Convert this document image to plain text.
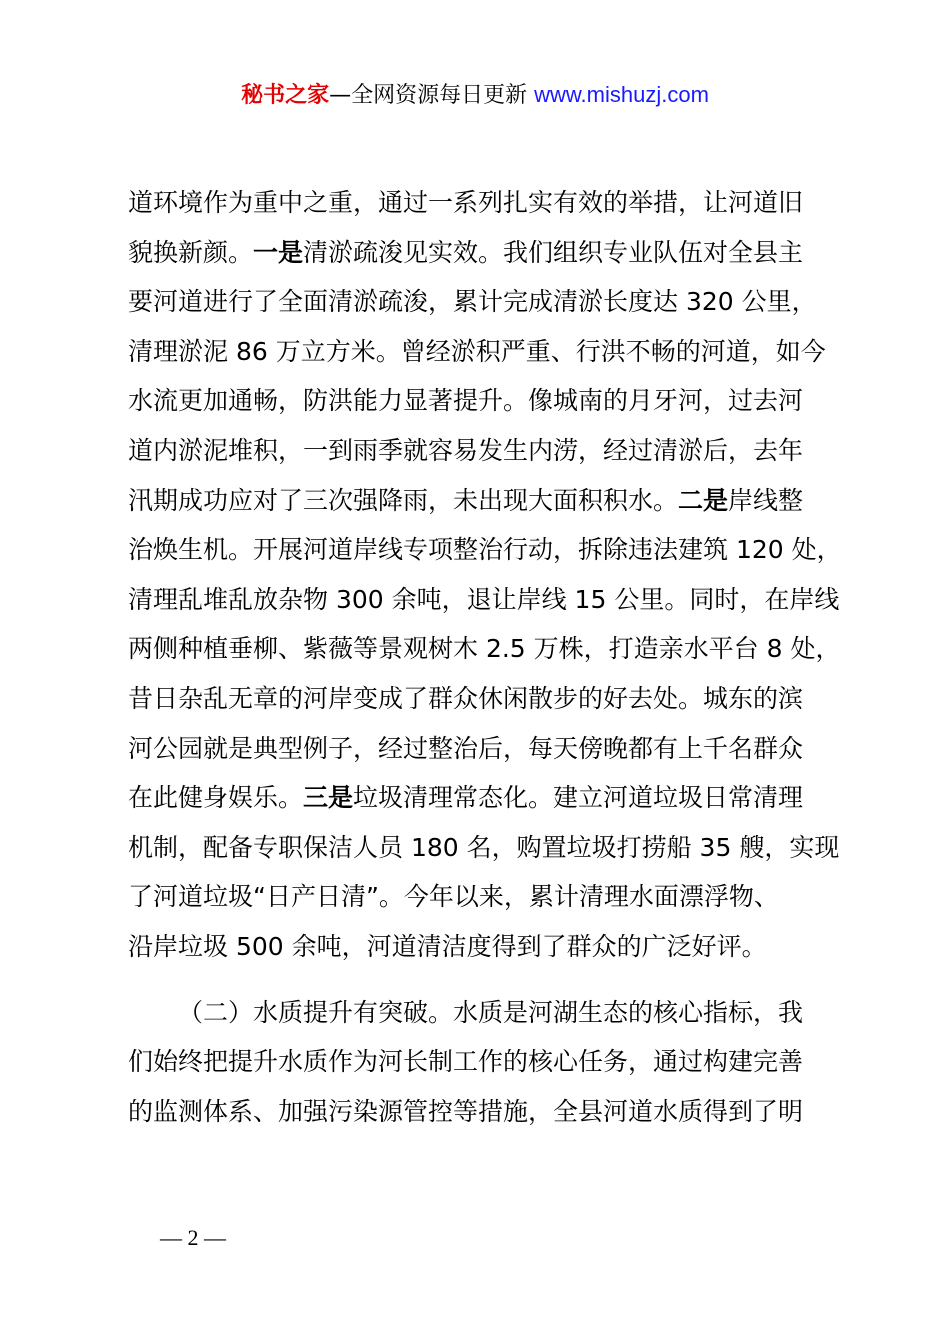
秘书之家—全网资源每日更新 www.mishuzj.com
道环境作为重中之重，通过一系列扎实有效的举措，让河道旧
貌换新颜。一是清淤疏浚见实效。我们组织专业队伍对全县主
要河道进行了全面清淤疏浚，累计完成清淤长度达 320 公里，
清理淤泥 86 万立方米。曾经淤积严重、行洪不畅的河道，如今
水流更加通畅，防洪能力显著提升。像城南的月牙河，过去河
道内淤泥堆积，一到雨季就容易发生内涝，经过清淤后，去年
汛期成功应对了三次强降雨，未出现大面积积水。二是岸线整
治焕生机。开展河道岸线专项整治行动，拆除违法建筑 120 处，
清理乱堆乱放杂物 300 余吨，退让岸线 15 公里。同时，在岸线
两侧种植垂柳、紫薇等景观树木 2.5 万株，打造亲水平台 8 处，
昔日杂乱无章的河岸变成了群众休闲散步的好去处。城东的滨
河公园就是典型例子，经过整治后，每天傍晚都有上千名群众
在此健身娱乐。三是垃圾清理常态化。建立河道垃圾日常清理
机制，配备专职保洁人员 180 名，购置垃圾打捞船 35 艘，实现
了河道垃圾“日产日清”。今年以来，累计清理水面漂浮物、
沿岸垃圾 500 余吨，河道清洁度得到了群众的广泛好评。
（二）水质提升有突破。水质是河湖生态的核心指标，我
们始终把提升水质作为河长制工作的核心任务，通过构建完善
的监测体系、加强污染源管控等措施，全县河道水质得到了明
— 2 —
